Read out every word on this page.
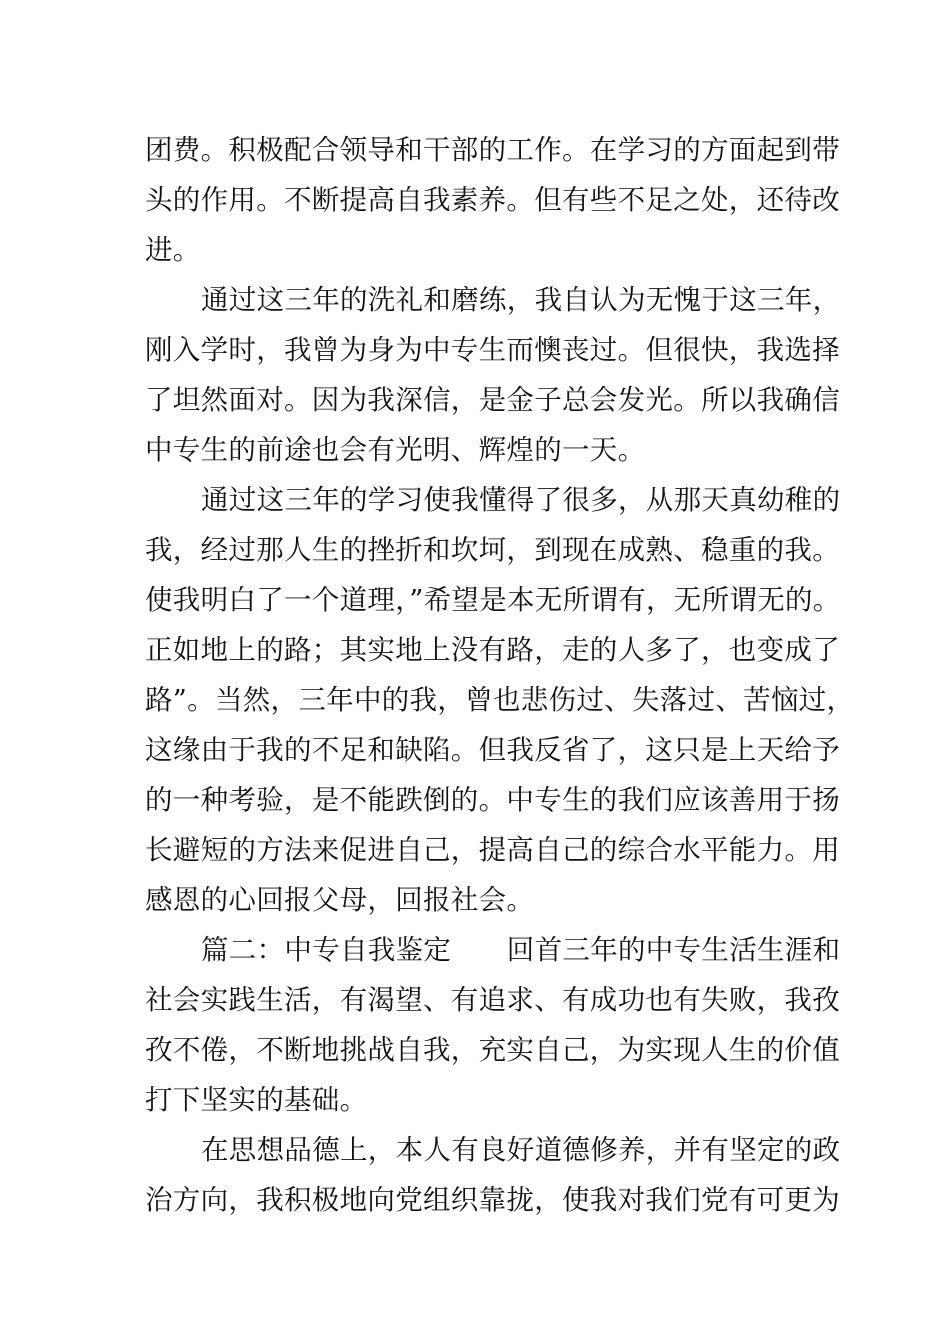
团费。积极配合领导和干部的工作。在学习的方面起到带
头的作用。不断提高自我素养。但有些不足之处，还待改
进。
通过这三年的洗礼和磨练，我自认为无愧于这三年，
刚入学时，我曾为身为中专生而懊丧过。但很快，我选择
了坦然面对。因为我深信，是金子总会发光。所以我确信
中专生的前途也会有光明、辉煌的一天。
通过这三年的学习使我懂得了很多，从那天真幼稚的
我，经过那人生的挫折和坎坷，到现在成熟、稳重的我。
使我明白了一个道理，”希望是本无所谓有，无所谓无的。
正如地上的路；其实地上没有路，走的人多了，也变成了
路”。当然，三年中的我，曾也悲伤过、失落过、苦恼过，
这缘由于我的不足和缺陷。但我反省了，这只是上天给予
的一种考验，是不能跌倒的。中专生的我们应该善用于扬
长避短的方法来促进自己，提高自己的综合水平能力。用
感恩的心回报父母，回报社会。
篇二：中专自我鉴定　　回首三年的中专生活生涯和
社会实践生活，有渴望、有追求、有成功也有失败，我孜
孜不倦，不断地挑战自我，充实自己，为实现人生的价值
打下坚实的基础。
在思想品德上，本人有良好道德修养，并有坚定的政
治方向，我积极地向党组织靠拢，使我对我们党有可更为
